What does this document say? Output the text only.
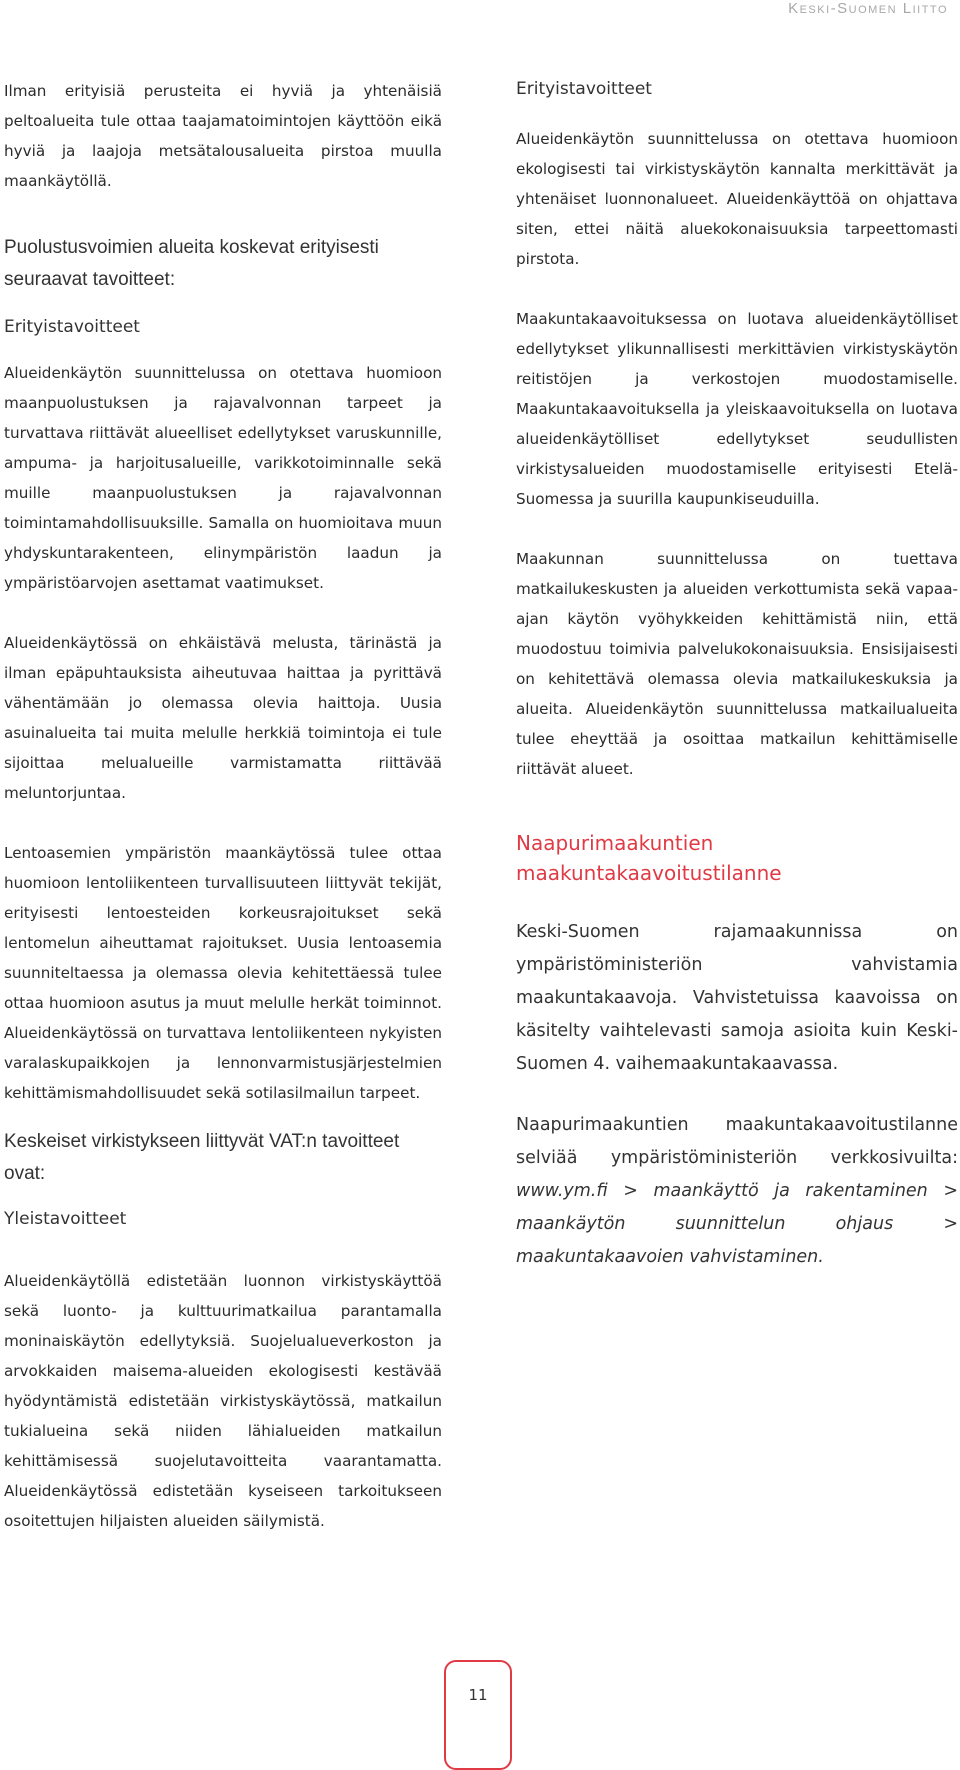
Keski-Suomen Liitto

Ilman erityisiä perusteita ei hyviä ja yhtenäisiä peltoalueita tule ottaa taajamatoimintojen käyttöön eikä hyviä ja laajoja metsätalousalueita pirstoa muulla maankäytöllä.

Puolustusvoimien alueita koskevat erityisesti seuraavat tavoitteet:

Erityistavoitteet

Alueidenkäytön suunnittelussa on otettava huomioon maanpuolustuksen ja rajavalvonnan tarpeet ja turvattava riittävät alueelliset edellytykset varuskunnille, ampuma- ja harjoitusalueille, varikkotoiminnalle sekä muille maanpuolustuksen ja rajavalvonnan toimintamahdollisuuksille. Samalla on huomioitava muun yhdyskuntarakenteen, elinympäristön laadun ja ympäristöarvojen asettamat vaatimukset.

Alueidenkäytössä on ehkäistävä melusta, tärinästä ja ilman epäpuhtauksista aiheutuvaa haittaa ja pyrittävä vähentämään jo olemassa olevia haittoja. Uusia asuinalueita tai muita melulle herkkiä toimintoja ei tule sijoittaa melualueille varmistamatta riittävää meluntorjuntaa.

Lentoasemien ympäristön maankäytössä tulee ottaa huomioon lentoliikenteen turvallisuuteen liittyvät tekijät, erityisesti lentoesteiden korkeusrajoitukset sekä lentomelun aiheuttamat rajoitukset. Uusia lentoasemia suunniteltaessa ja olemassa olevia kehitettäessä tulee ottaa huomioon asutus ja muut melulle herkät toiminnot. Alueidenkäytössä on turvattava lentoliikenteen nykyisten varalaskupaikkojen ja lennonvarmistusjärjestelmien kehittämismahdollisuudet sekä sotilasilmailun tarpeet.

Keskeiset virkistykseen liittyvät VAT:n tavoitteet ovat:

Yleistavoitteet

Alueidenkäytöllä edistetään luonnon virkistyskäyttöä sekä luonto- ja kulttuurimatkailua parantamalla moninaiskäytön edellytyksiä. Suojelualueverkoston ja arvokkaiden maisema-alueiden ekologisesti kestävää hyödyntämistä edistetään virkistyskäytössä, matkailun tukialueina sekä niiden lähialueiden matkailun kehittämisessä suojelutavoitteita vaarantamatta. Alueidenkäytössä edistetään kyseiseen tarkoitukseen osoitettujen hiljaisten alueiden säilymistä.

Erityistavoitteet

Alueidenkäytön suunnittelussa on otettava huomioon ekologisesti tai virkistyskäytön kannalta merkittävät ja yhtenäiset luonnonalueet. Alueidenkäyttöä on ohjattava siten, ettei näitä aluekokonaisuuksia tarpeettomasti pirstota.

Maakuntakaavoituksessa on luotava alueidenkäytölliset edellytykset ylikunnallisesti merkittävien virkistyskäytön reitistöjen ja verkostojen muodostamiselle. Maakuntakaavoituksella ja yleiskaavoituksella on luotava alueidenkäytölliset edellytykset seudullisten virkistysalueiden muodostamiselle erityisesti Etelä-Suomessa ja suurilla kaupunkiseuduilla.

Maakunnan suunnittelussa on tuettava matkailukeskusten ja alueiden verkottumista sekä vapaa-ajan käytön vyöhykkeiden kehittämistä niin, että muodostuu toimivia palvelukokonaisuuksia. Ensisijaisesti on kehitettävä olemassa olevia matkailukeskuksia ja alueita. Alueidenkäytön suunnittelussa matkailualueita tulee eheyttää ja osoittaa matkailun kehittämiselle riittävät alueet.

Naapurimaakuntien
maakuntakaavoitustilanne

Keski-Suomen rajamaakunnissa on ympäristöministeriön vahvistamia maakuntakaavoja. Vahvistetuissa kaavoissa on käsitelty vaihtelevasti samoja asioita kuin Keski-Suomen 4. vaihemaakuntakaavassa.

Naapurimaakuntien maakuntakaavoitustilanne selviää ympäristöministeriön verkkosivuilta: www.ym.fi > maankäyttö ja rakentaminen > maankäytön suunnittelun ohjaus > maakuntakaavoien vahvistaminen.

11
